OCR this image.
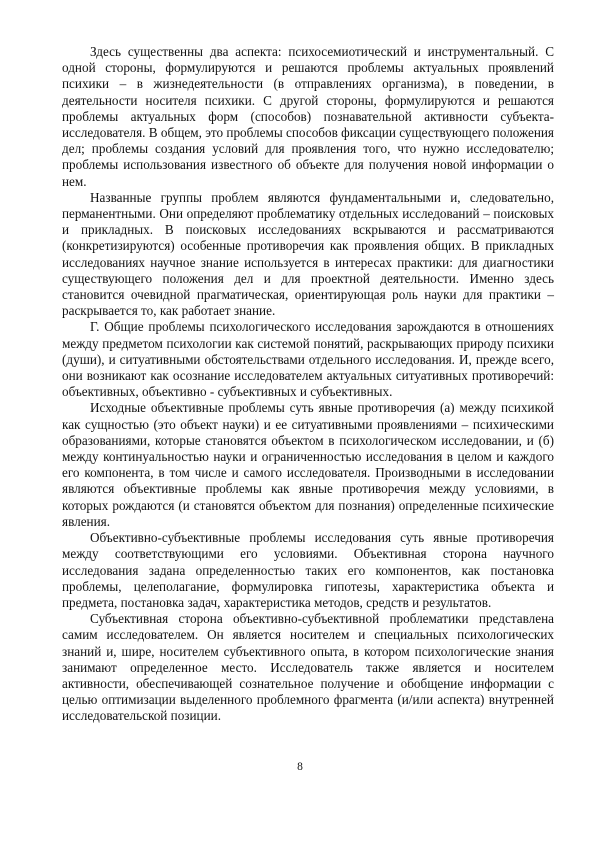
Здесь существенны два аспекта: психосемиотический и инструментальный. С одной стороны, формулируются и решаются проблемы актуальных проявлений психики – в жизнедеятельности (в отправлениях организма), в поведении, в деятельности носителя психики. С другой стороны, формулируются и решаются проблемы актуальных форм (способов) познавательной активности субъекта-исследователя. В общем, это проблемы способов фиксации существующего положения дел; проблемы создания условий для проявления того, что нужно исследователю; проблемы использования известного об объекте для получения новой информации о нем.

Названные группы проблем являются фундаментальными и, следовательно, перманентными. Они определяют проблематику отдельных исследований – поисковых и прикладных. В поисковых исследованиях вскрываются и рассматриваются (конкретизируются) особенные противоречия как проявления общих. В прикладных исследованиях научное знание используется в интересах практики: для диагностики существующего положения дел и для проектной деятельности. Именно здесь становится очевидной прагматическая, ориентирующая роль науки для практики – раскрывается то, как работает знание.

Г. Общие проблемы психологического исследования зарождаются в отношениях между предметом психологии как системой понятий, раскрывающих природу психики (души), и ситуативными обстоятельствами отдельного исследования. И, прежде всего, они возникают как осознание исследователем актуальных ситуативных противоречий: объективных, объективно - субъективных и субъективных.

Исходные объективные проблемы суть явные противоречия (а) между психикой как сущностью (это объект науки) и ее ситуативными проявлениями – психическими образованиями, которые становятся объектом в психологическом исследовании, и (б) между континуальностью науки и ограниченностью исследования в целом и каждого его компонента, в том числе и самого исследователя. Производными в исследовании являются объективные проблемы как явные противоречия между условиями, в которых рождаются (и становятся объектом для познания) определенные психические явления.

Объективно-субъективные проблемы исследования суть явные противоречия между соответствующими его условиями. Объективная сторона научного исследования задана определенностью таких его компонентов, как постановка проблемы, целеполагание, формулировка гипотезы, характеристика объекта и предмета, постановка задач, характеристика методов, средств и результатов.

Субъективная сторона объективно-субъективной проблематики представлена самим исследователем. Он является носителем и специальных психологических знаний и, шире, носителем субъективного опыта, в котором психологические знания занимают определенное место. Исследователь также является и носителем активности, обеспечивающей сознательное получение и обобщение информации с целью оптимизации выделенного проблемного фрагмента (и/или аспекта) внутренней исследовательской позиции.

8
